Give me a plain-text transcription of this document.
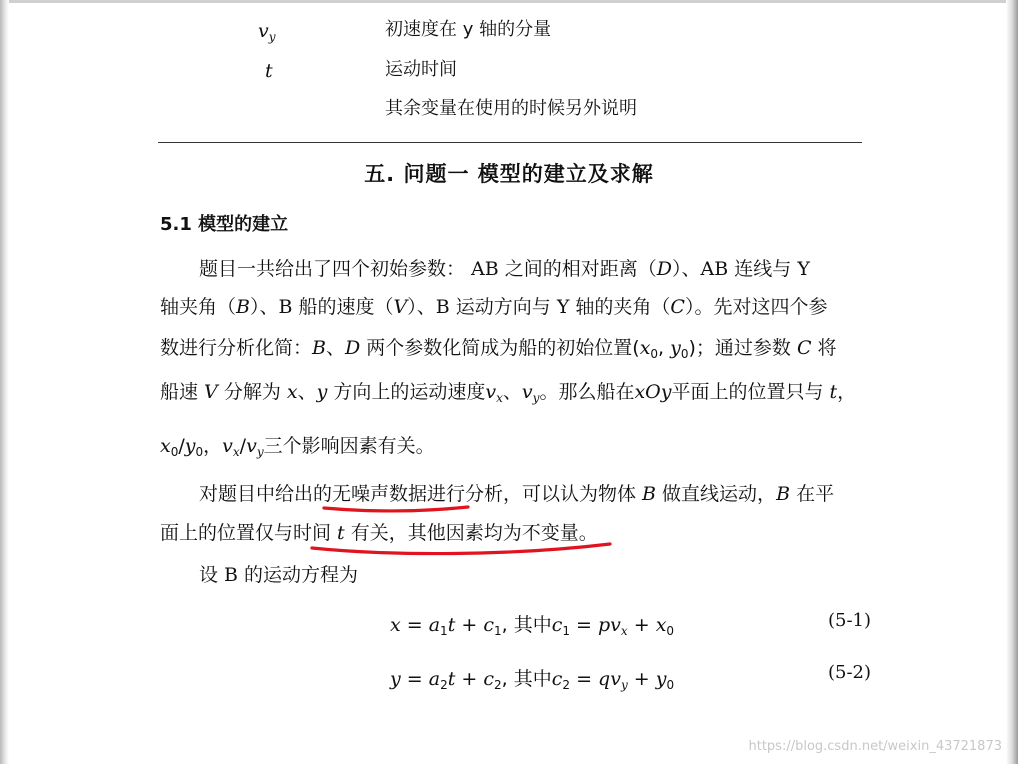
$v_y$	初速度在 y 轴的分量
t	运动时间
其余变量在使用的时候另外说明
五. 问题一 模型的建立及求解
5.1 模型的建立
题目一共给出了四个初始参数： AB 之间的相对距离（D）、AB 连线与 Y
轴夹角（B）、B 船的速度（V）、B 运动方向与 Y 轴的夹角（C）。先对这四个参
数进行分析化简：B、D 两个参数化简成为船的初始位置($x_0$, $y_0$)；通过参数 C 将
船速 V 分解为 x、y 方向上的运动速度$v_x$、$v_y$。那么船在xOy平面上的位置只与 t，
$x_0/y_0$，$v_x/v_y$三个影响因素有关。
对题目中给出的无噪声数据进行分析，可以认为物体 B 做直线运动，B 在平
面上的位置仅与时间 t 有关，其他因素均为不变量。
设 B 的运动方程为
$x = a_1t + c_1$, 其中$c_1 = pv_x + x_0$	(5-1)
$y = a_2t + c_2$, 其中$c_2 = qv_y + y_0$
(5-2)
https://blog.csdn.net/weixin_43721873
